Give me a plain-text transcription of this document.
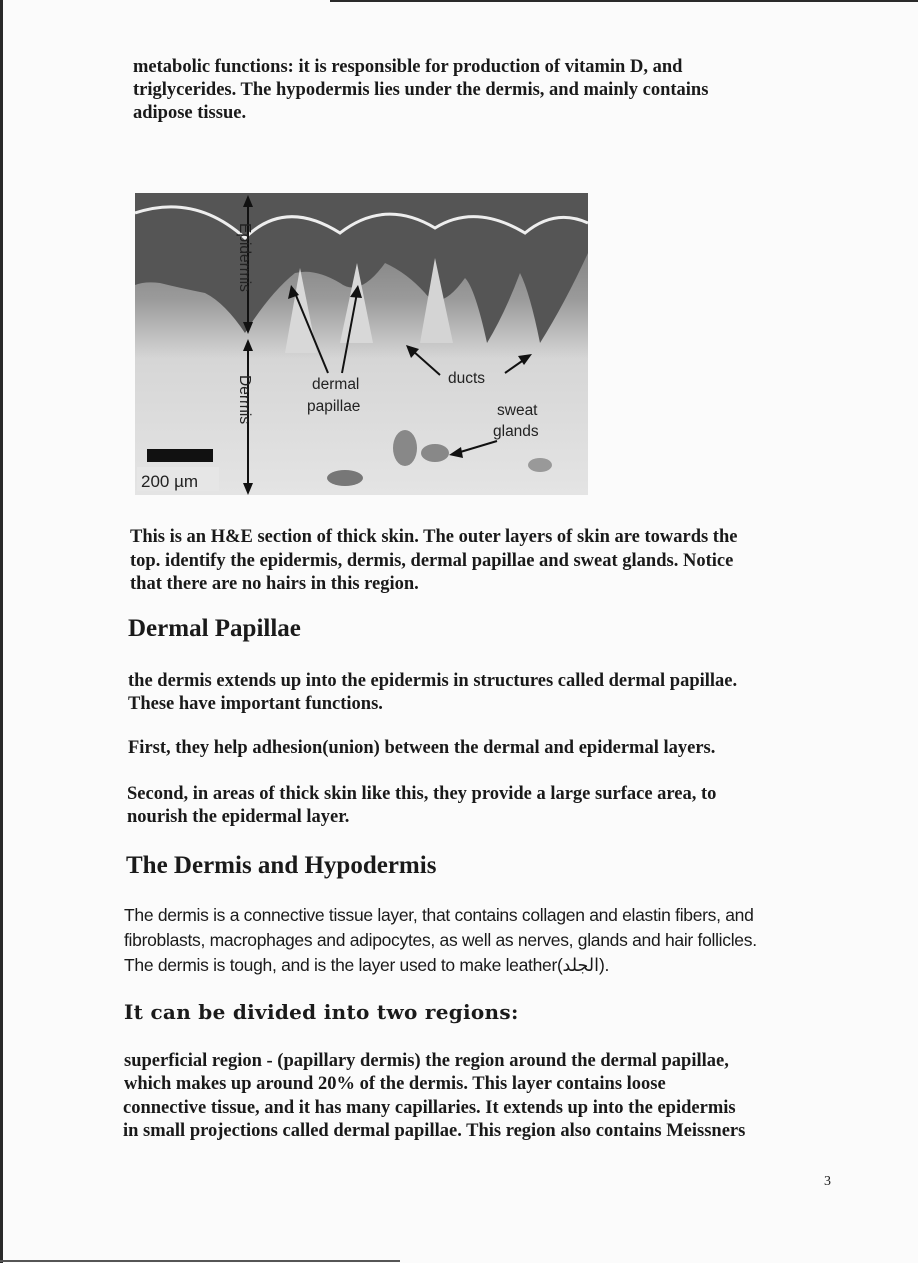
metabolic functions: it is responsible for production of vitamin D, and

triglycerides. The hypodermis lies under the dermis, and mainly contains

adipose tissue.

Epidermis
Dermis	dermal
papillae
ducts
sweat
glands
200 µm

This is an H&E section of thick skin. The outer layers of skin are towards the

top. identify the epidermis, dermis, dermal papillae and sweat glands. Notice

that there are no hairs in this region.

Dermal Papillae

the dermis extends up into the epidermis in structures called dermal papillae.

These have important functions.

First, they help adhesion(union) between the dermal and epidermal layers.

Second, in areas of thick skin like this, they provide a large surface area, to

nourish the epidermal layer.

The Dermis and Hypodermis

The dermis is a connective tissue layer, that contains collagen and elastin fibers, and

fibroblasts, macrophages and adipocytes, as well as nerves, glands and hair follicles.

The dermis is tough, and is the layer used to make leather(الجلد).

It can be divided into two regions:

superficial region - (papillary dermis) the region around the dermal papillae,

which makes up around 20% of the dermis. This layer contains loose

connective tissue, and it has many capillaries. It extends up into the epidermis

in small projections called dermal papillae. This region also contains Meissners

3
